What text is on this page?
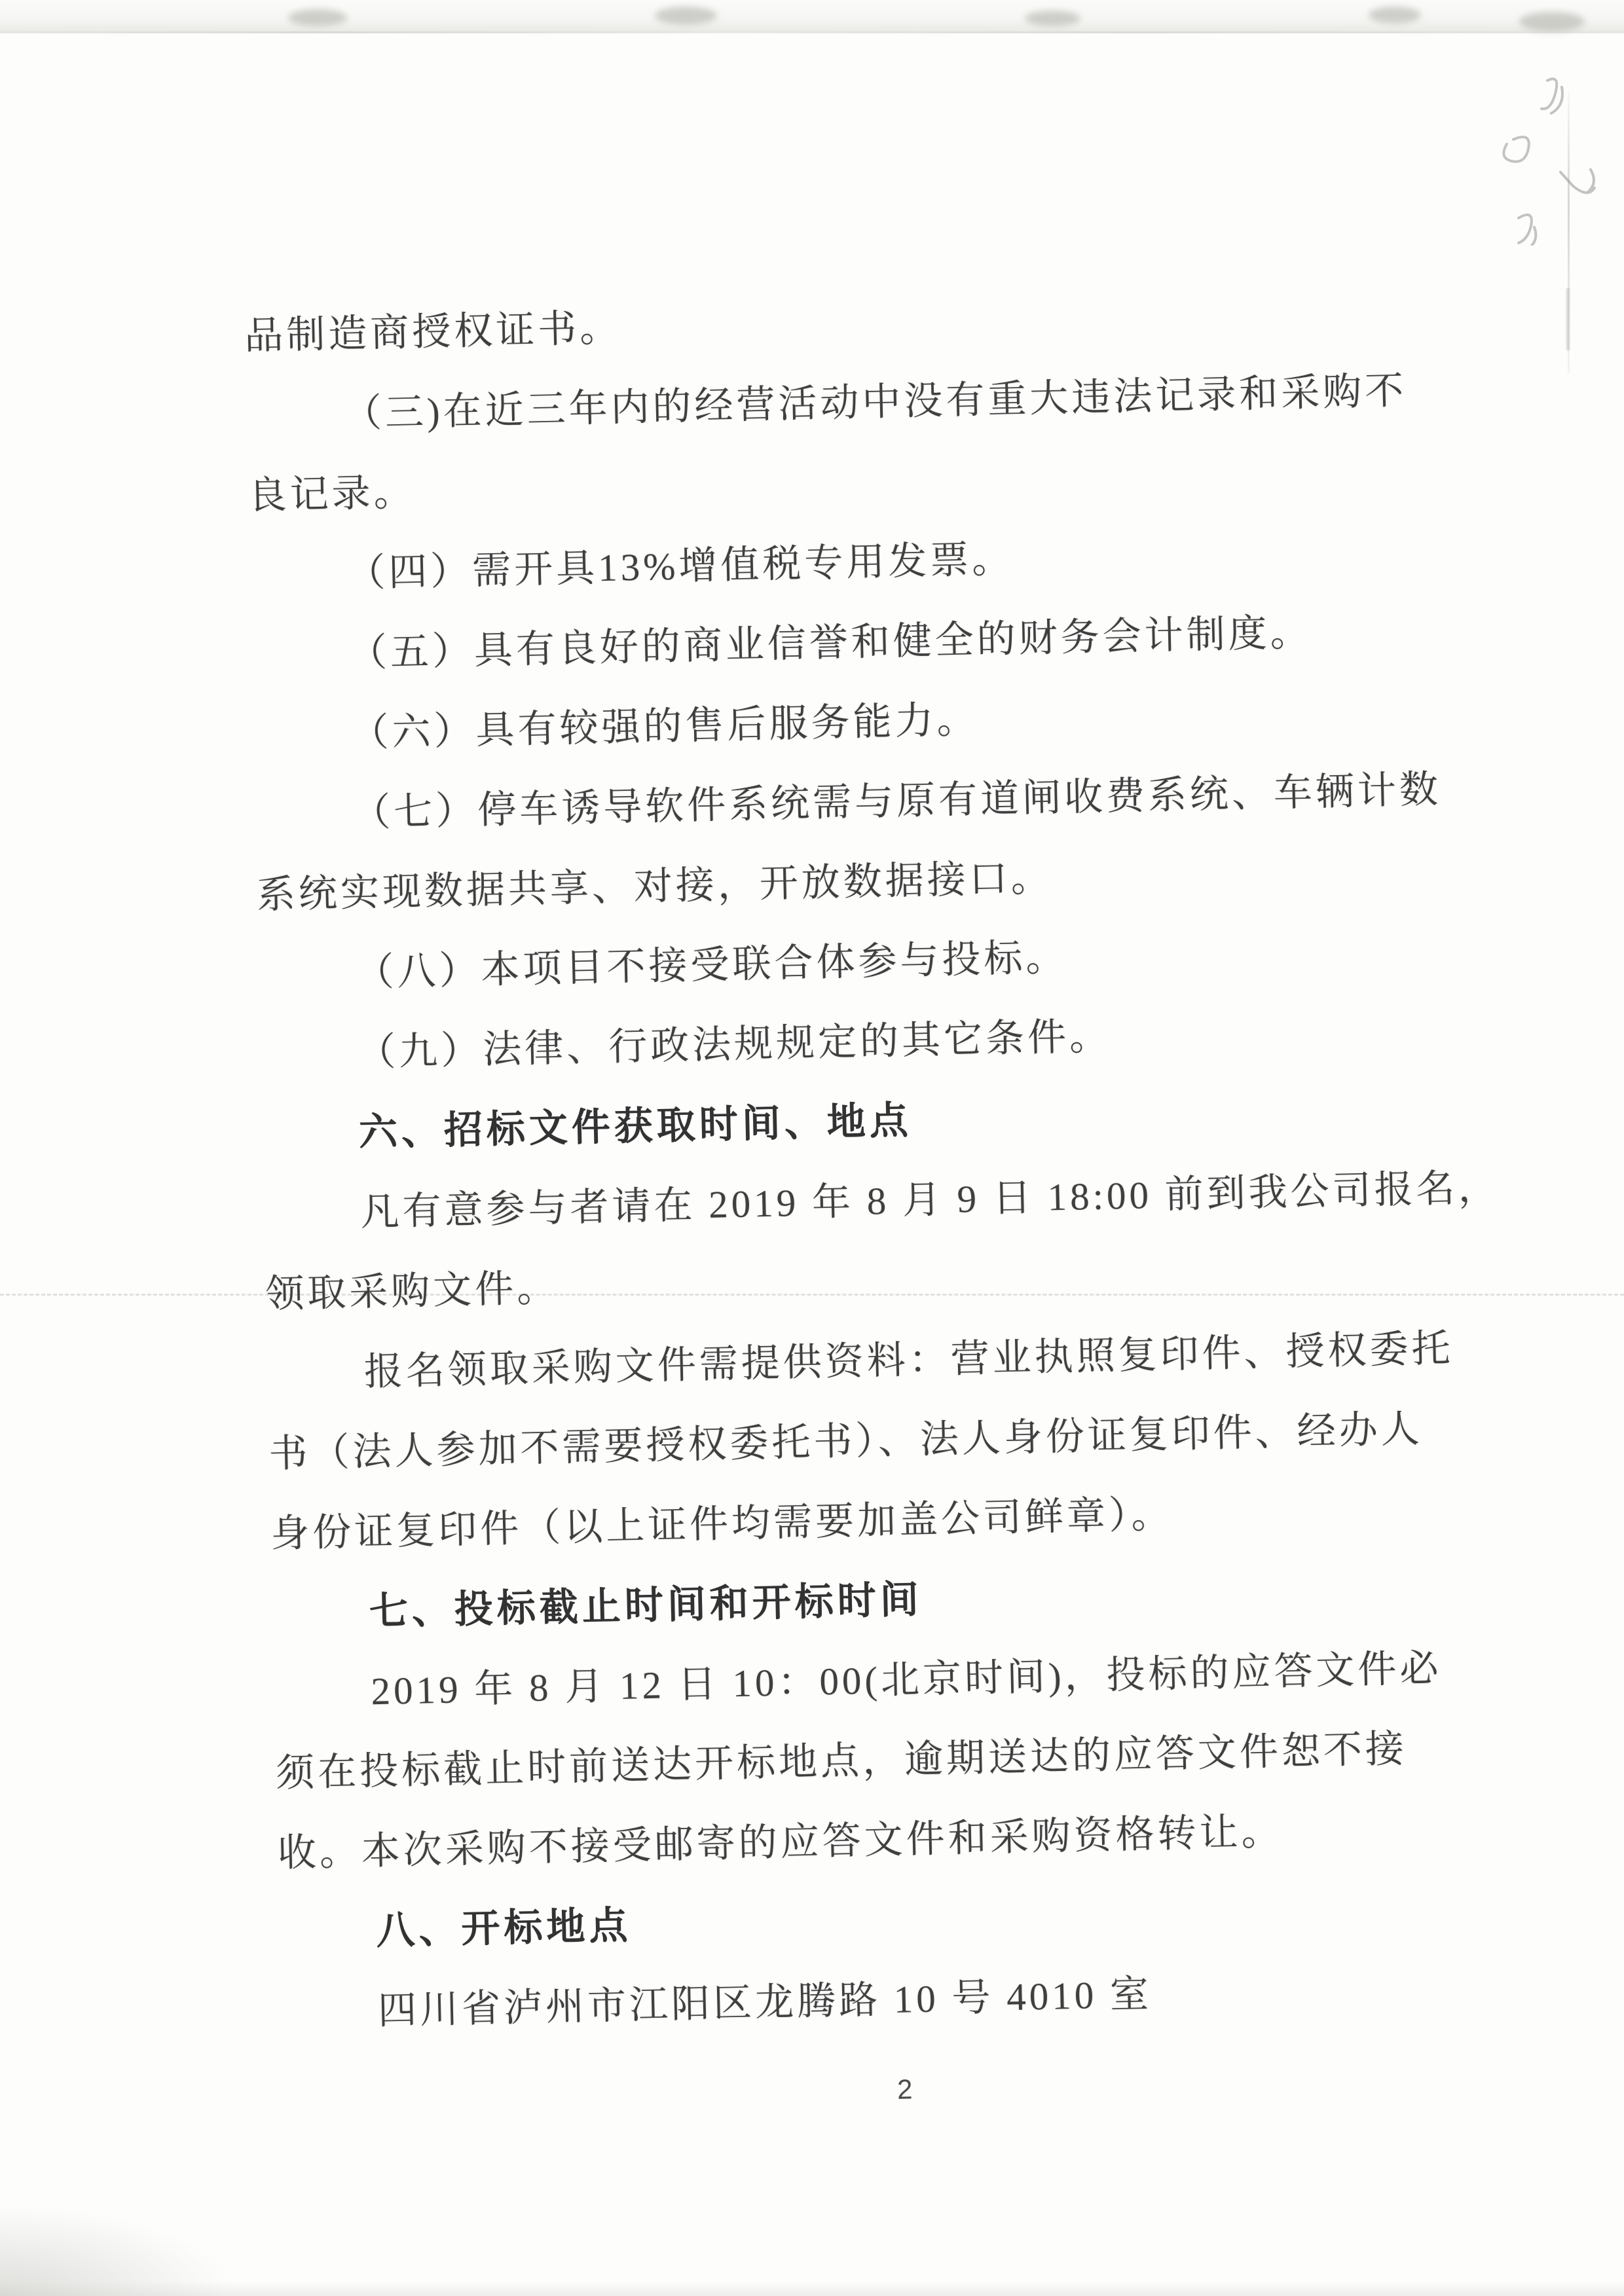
品制造商授权证书。
（三)在近三年内的经营活动中没有重大违法记录和采购不
良记录。
（四）需开具13%增值税专用发票。
（五）具有良好的商业信誉和健全的财务会计制度。
（六）具有较强的售后服务能力。
（七）停车诱导软件系统需与原有道闸收费系统、车辆计数
系统实现数据共享、对接，开放数据接口。
（八）本项目不接受联合体参与投标。
（九）法律、行政法规规定的其它条件。
六、招标文件获取时间、地点
凡有意参与者请在 2019 年 8 月 9 日 18:00 前到我公司报名，
领取采购文件。
报名领取采购文件需提供资料：营业执照复印件、授权委托
书（法人参加不需要授权委托书）、法人身份证复印件、经办人
身份证复印件（以上证件均需要加盖公司鲜章）。
七、投标截止时间和开标时间
2019 年 8 月 12 日 10：00(北京时间)，投标的应答文件必
须在投标截止时前送达开标地点，逾期送达的应答文件恕不接
收。本次采购不接受邮寄的应答文件和采购资格转让。
八、开标地点
四川省泸州市江阳区龙腾路 10 号 4010 室
2
